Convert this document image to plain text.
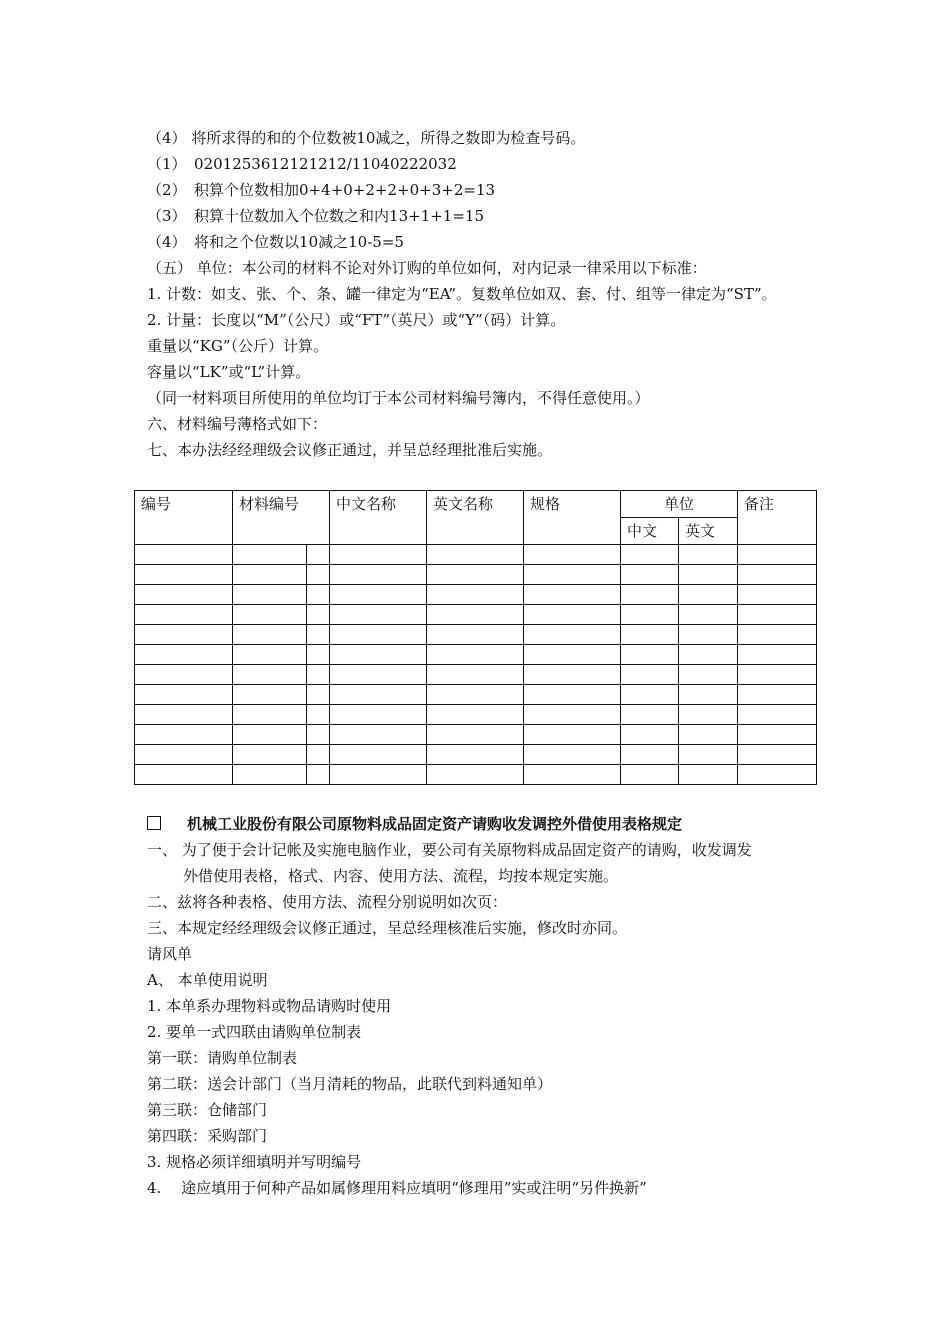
（4） 将所求得的和的个位数被10减之，所得之数即为检查号码。
（1）　0201253612121212/11040222032
（2）　积算个位数相加0+4+0+2+2+0+3+2=13
（3）　积算十位数加入个位数之和内13+1+1=15
（4）　将和之个位数以10减之10-5=5
（五） 单位：本公司的材料不论对外订购的单位如何，对内记录一律采用以下标准：
1. 计数：如支、张、个、条、罐一律定为“EA”。复数单位如双、套、付、组等一律定为“ST”。
2. 计量：长度以“M”（公尺）或“FT”（英尺）或“Y”（码）计算。
重量以“KG”（公斤）计算。
容量以“LK”或“L”计算。
（同一材料项目所使用的单位均订于本公司材料编号簿内，不得任意使用。）
六、材料编号薄格式如下：
七、本办法经经理级会议修正通过，并呈总经理批准后实施。
编号	材料编号		中文名称	英文名称	规格	单位		备注
						中文	英文	

机械工业股份有限公司原物料成品固定资产请购收发调控外借使用表格规定
一、 为了便于会计记帐及实施电脑作业，要公司有关原物料成品固定资产的请购，收发调发
外借使用表格，格式、内容、使用方法、流程，均按本规定实施。
二、兹将各种表格、使用方法、流程分别说明如次页：
三、本规定经经理级会议修正通过，呈总经理核准后实施，修改时亦同。
请风单
A、 本单使用说明
1. 本单系办理物料或物品请购时使用
2. 要单一式四联由请购单位制表
第一联：请购单位制表
第二联：送会计部门（当月清耗的物品，此联代到料通知单）
第三联：仓储部门
第四联：采购部门
3. 规格必须详细填明并写明编号
4.　 途应填用于何种产品如属修理用料应填明“修理用”实或注明“另件换新”
